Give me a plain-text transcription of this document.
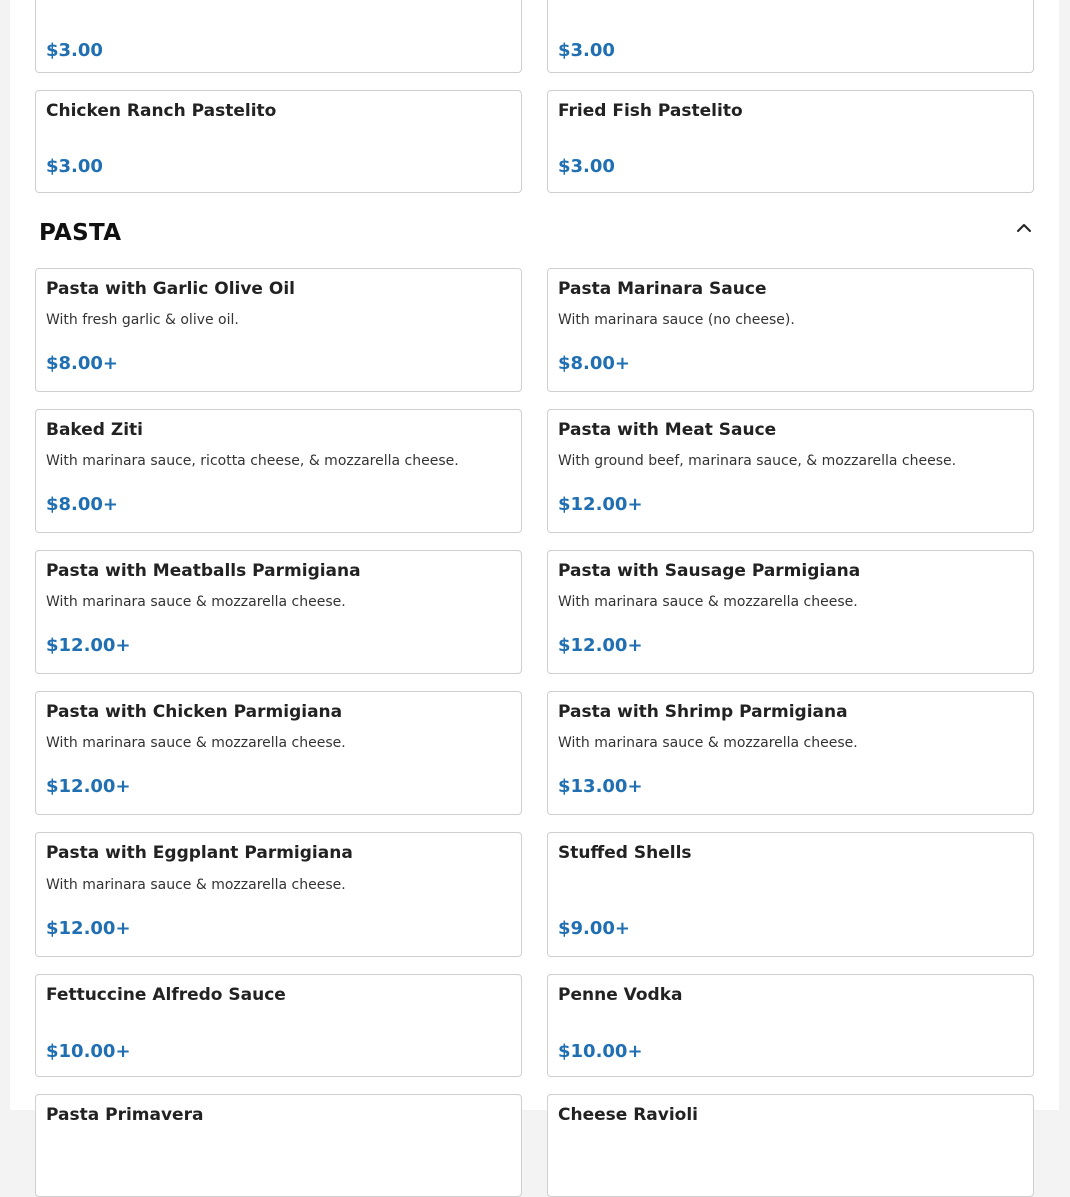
$3.00	$3.00
Chicken Ranch Pastelito
$3.00
Fried Fish Pastelito
$3.00
PASTA
Pasta with Garlic Olive Oil
With fresh garlic & olive oil.
$8.00+
Pasta Marinara Sauce
With marinara sauce (no cheese).
$8.00+
Baked Ziti
With marinara sauce, ricotta cheese, & mozzarella cheese.
$8.00+
Pasta with Meat Sauce
With ground beef, marinara sauce, & mozzarella cheese.
$12.00+
Pasta with Meatballs Parmigiana
With marinara sauce & mozzarella cheese.
$12.00+
Pasta with Sausage Parmigiana
With marinara sauce & mozzarella cheese.
$12.00+
Pasta with Chicken Parmigiana
With marinara sauce & mozzarella cheese.
$12.00+
Pasta with Shrimp Parmigiana
With marinara sauce & mozzarella cheese.
$13.00+
Pasta with Eggplant Parmigiana
With marinara sauce & mozzarella cheese.
$12.00+
Stuffed Shells
$9.00+
Fettuccine Alfredo Sauce
$10.00+
Penne Vodka
$10.00+
Pasta Primavera	Cheese Ravioli
